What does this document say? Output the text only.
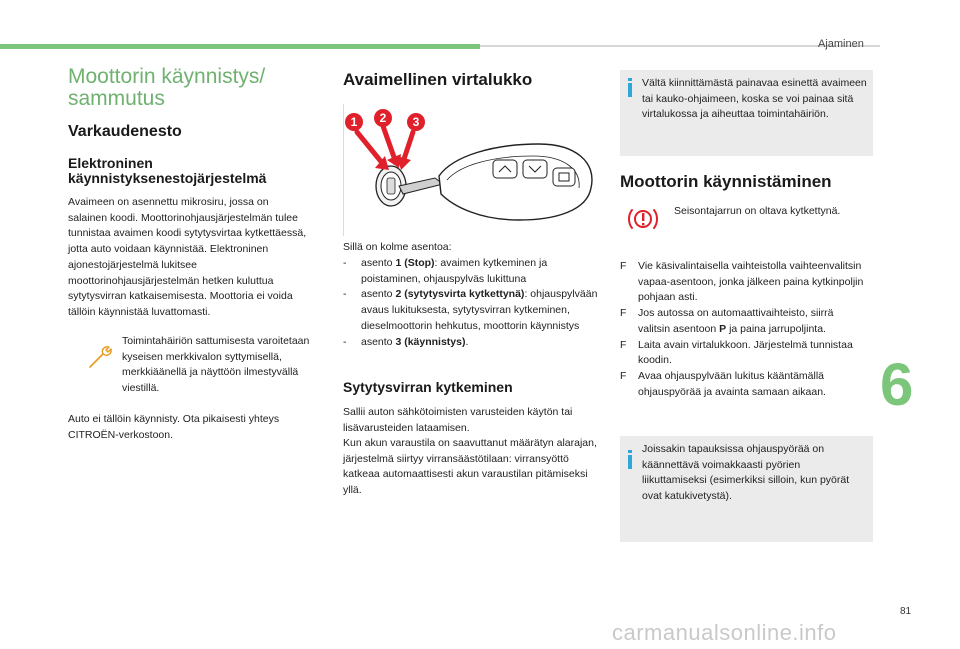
Ajaminen
Moottorin käynnistys/ sammutus
Varkaudenesto
Elektroninen käynnistyksenestojärjestelmä
Avaimeen on asennettu mikrosiru, jossa on salainen koodi. Moottorinohjausjärjestelmän tulee tunnistaa avaimen koodi sytytysvirtaa kytkettäessä, jotta auto voidaan käynnistää. Elektroninen ajonestojärjestelmä lukitsee moottorinohjausjärjestelmän hetken kuluttua sytytysvirran katkaisemisesta. Moottoria ei voida tällöin käynnistää luvattomasti.
Toimintahäiriön sattumisesta varoitetaan kyseisen merkkivalon syttymisellä, merkkiäänellä ja näyttöön ilmestyvällä viestillä.
Auto ei tällöin käynnisty. Ota pikaisesti yhteys CITROËN-verkostoon.
Avaimellinen virtalukko
1 2 3
Sillä on kolme asentoa:
- asento 1 (Stop): avaimen kytkeminen ja poistaminen, ohjauspylväs lukittuna
- asento 2 (sytytysvirta kytkettynä): ohjauspylvään avaus lukituksesta, sytytysvirran kytkeminen, dieselmoottorin hehkutus, moottorin käynnistys
- asento 3 (käynnistys).
Sytytysvirran kytkeminen
Sallii auton sähkötoimisten varusteiden käytön tai lisävarusteiden lataamisen.
Kun akun varaustila on saavuttanut määrätyn alarajan, järjestelmä siirtyy virransäästötilaan: virransyöttö katkeaa automaattisesti akun varaustilan pitämiseksi yllä.
Vältä kiinnittämästä painavaa esinettä avaimeen tai kauko-ohjaimeen, koska se voi painaa sitä virtalukossa ja aiheuttaa toimintahäiriön.
Moottorin käynnistäminen
Seisontajarrun on oltava kytkettynä.
F Vie käsivalintaisella vaihteistolla vaihteenvalitsin vapaa-asentoon, jonka jälkeen paina kytkinpoljin pohjaan asti.
F Jos autossa on automaattivaihteisto, siirrä valitsin asentoon P ja paina jarrupoljinta.
F Laita avain virtalukkoon. Järjestelmä tunnistaa koodin.
F Avaa ohjauspylvään lukitus kääntämällä ohjauspyörää ja avainta samaan aikaan.
Joissakin tapauksissa ohjauspyörää on käännettävä voimakkaasti pyörien liikuttamiseksi (esimerkiksi silloin, kun pyörät ovat katukivetystä).
6
81
carmanualsonline.info
